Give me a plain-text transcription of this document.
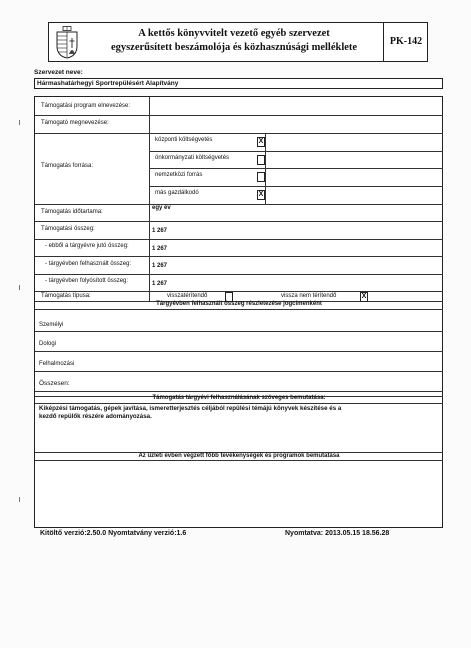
A kettős könyvvitelt vezető egyéb szervezet
egyszerűsített beszámolója és közhasznúsági melléklete
PK-142
Szervezet neve:
Hármashatárhegyi Sportrepülésért Alapítvány
Támogatási program elnevezése:
Támogató megnevezése:
Támogatás forrása:
központi költségvetés	X
önkormányzati költségvetés
nemzetközi forrás
más gazdálkodó	X
Támogatás időtartama:
egy év
Támogatási összeg:	1 267
- ebből a tárgyévre jutó összeg:	1 267
- tárgyévben felhasznált összeg:	1 267
- tárgyévben folyósított összeg:	1 267
Támogatás típusa:	visszatérítendő	vissza nem térítendő	X
Tárgyévben felhasznált összeg részletezése jogcímenként
Személyi
Dologi
Felhalmozási
Összesen:
Támogatás tárgyévi felhasználásának szöveges bemutatása:
Kiképzési támogatás, gépek javítása, ismeretterjesztés céljából repülési témájú könyvek készítése és a kezdő repülők részére adományozása.
Az üzleti évben végzett főbb tevékenységek és programok bemutatása
Kitöltő verzió:2.50.0 Nyomtatvány verzió:1.6	Nyomtatva: 2013.05.15 18.56.28
